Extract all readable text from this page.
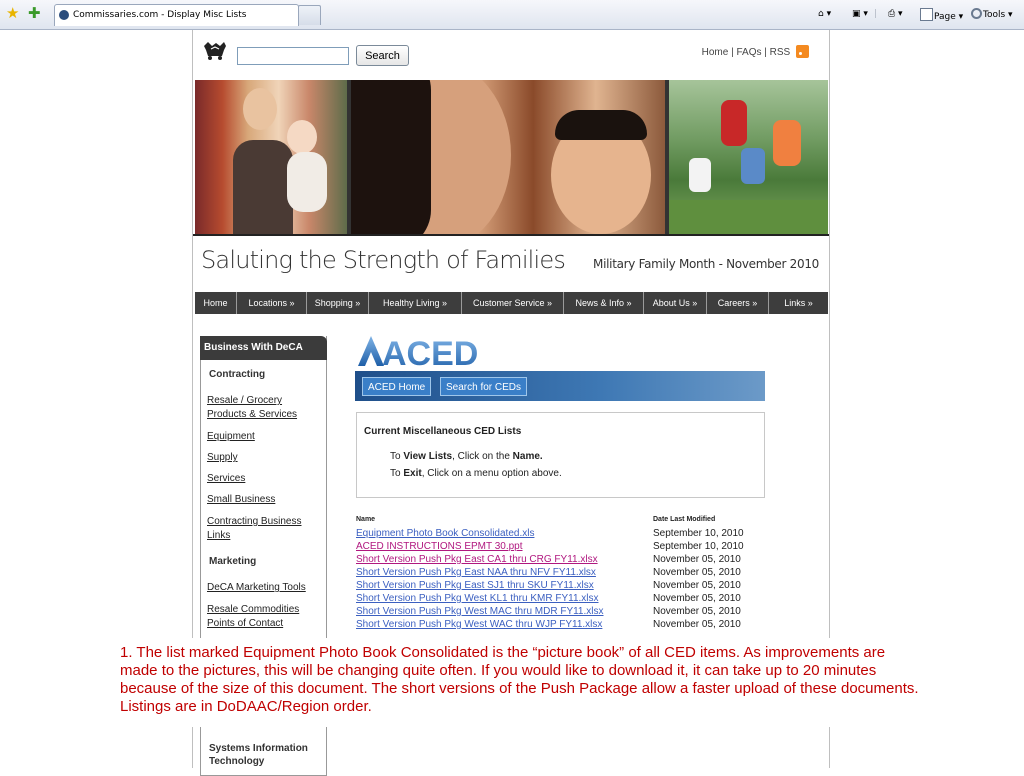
★ ✚	Commissaries.com - Display Misc Lists	⌂ ▾ ▣ ▾ | ⎙ ▾	Page ▾	Tools ▾
Search	Home | FAQs | RSS
Saluting the Strength of Families Military Family Month - November 2010
Home	Locations »	Shopping »	Healthy Living »	Customer Service »	News & Info »	About Us »	Careers »	Links »
Business With DeCA
Contracting
Resale / Grocery Products & Services
Equipment
Supply
Services
Small Business
Contracting Business Links
Marketing
DeCA Marketing Tools
Resale Commodities Points of Contact
ACED
ACED Home	Search for CEDs
Current Miscellaneous CED Lists
To View Lists, Click on the Name.
To Exit, Click on a menu option above.
Name	Date Last Modified
Equipment Photo Book Consolidated.xls	September 10, 2010
ACED INSTRUCTIONS EPMT 30.ppt	September 10, 2010
Short Version Push Pkg East CA1 thru CRG FY11.xlsx	November 05, 2010
Short Version Push Pkg East NAA thru NFV FY11.xlsx	November 05, 2010
Short Version Push Pkg East SJ1 thru SKU FY11.xlsx	November 05, 2010
Short Version Push Pkg West KL1 thru KMR FY11.xlsx	November 05, 2010
Short Version Push Pkg West MAC thru MDR FY11.xlsx	November 05, 2010
Short Version Push Pkg West WAC thru WJP FY11.xlsx	November 05, 2010
Systems Information Technology
1. The list marked Equipment Photo Book Consolidated is the “picture book” of all CED items. As improvements are made to the pictures, this will be changing quite often. If you would like to download it, it can take up to 20 minutes because of the size of this document. The short versions of the Push Package allow a faster upload of these documents. Listings are in DoDAAC/Region order.
